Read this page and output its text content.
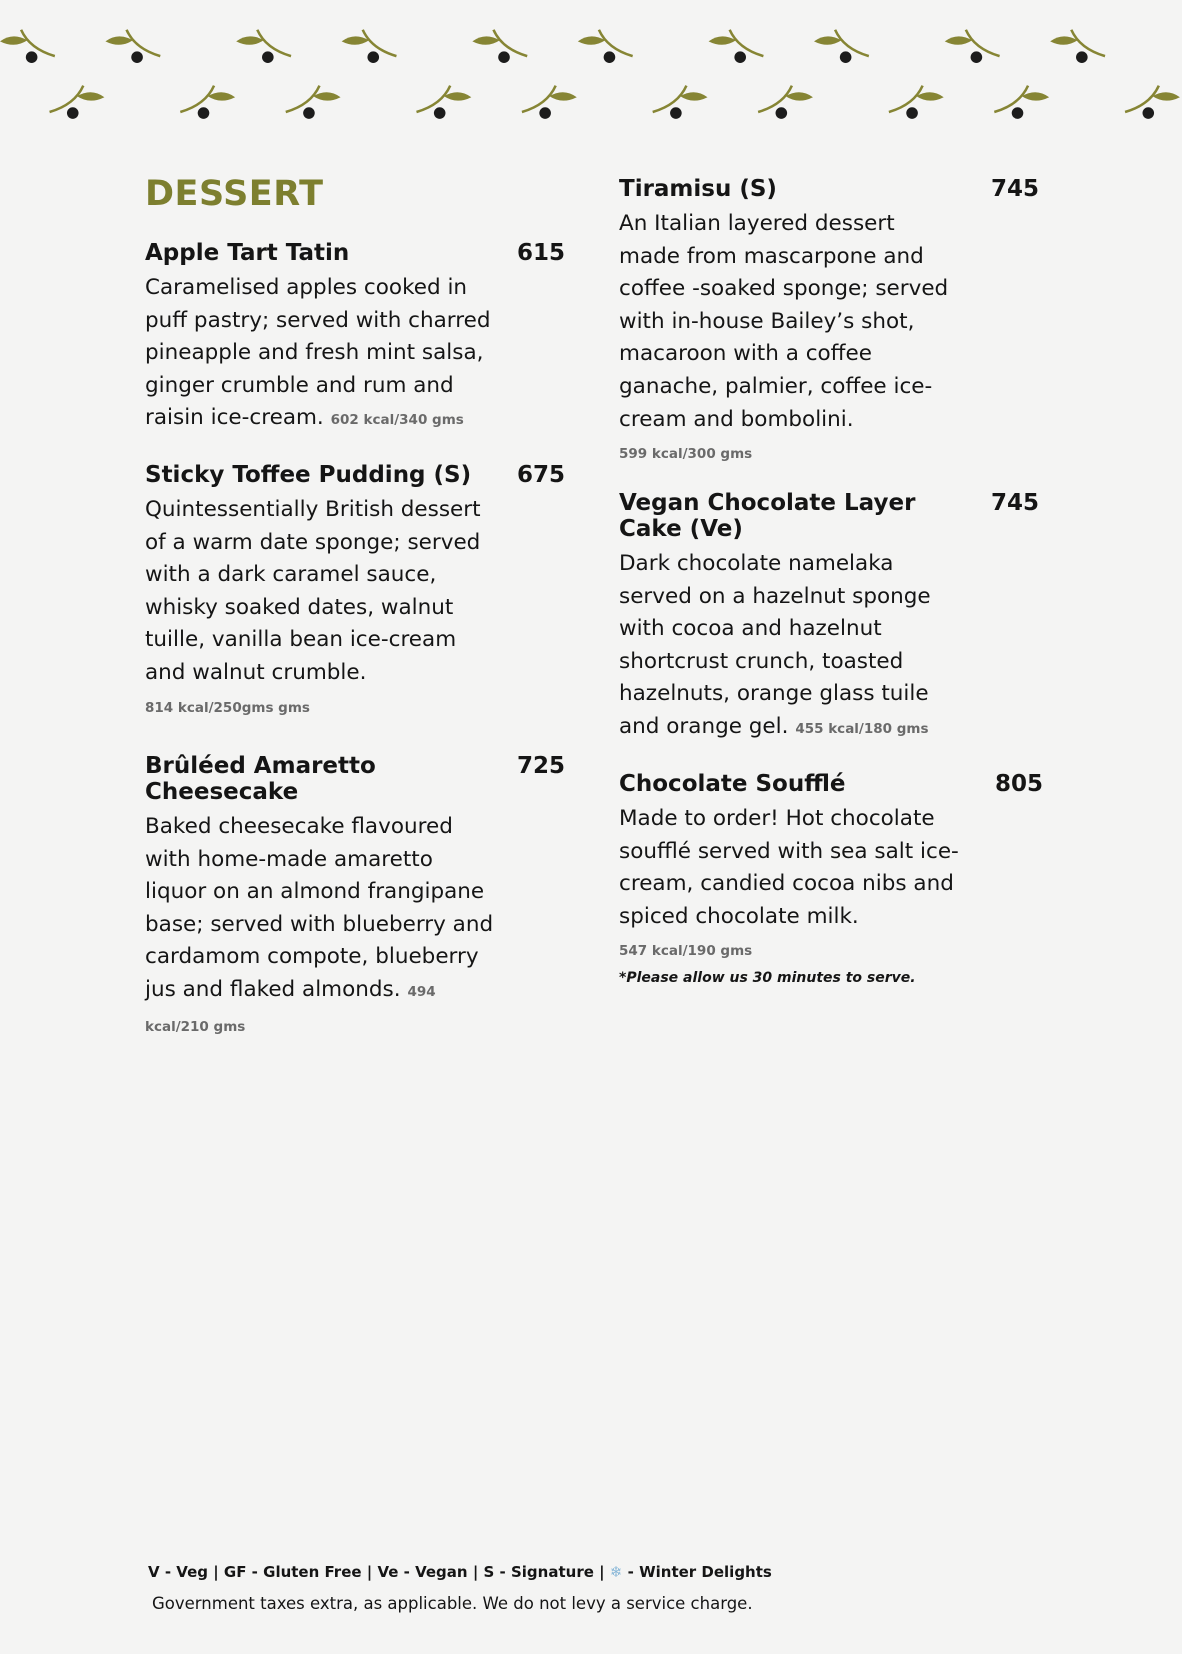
DESSERT
Apple Tart Tatin	615
Caramelised apples cooked in puff pastry; served with charred pineapple and fresh mint salsa, ginger crumble and rum and raisin ice-cream. 602 kcal/340 gms
Sticky Toffee Pudding (S)	675
Quintessentially British dessert of a warm date sponge; served with a dark caramel sauce, whisky soaked dates, walnut tuille, vanilla bean ice-cream and walnut crumble.
814 kcal/250gms gms
Brûléed Amaretto Cheesecake
725
Baked cheesecake flavoured with home-made amaretto liquor on an almond frangipane base; served with blueberry and cardamom compote, blueberry jus and flaked almonds. 494 kcal/210 gms
Tiramisu (S)	745
An Italian layered dessert made from mascarpone and coffee -soaked sponge; served with in-house Bailey’s shot, macaroon with a coffee ganache, palmier, coffee ice-cream and bombolini.
599 kcal/300 gms
Vegan Chocolate Layer Cake (Ve)
745
Dark chocolate namelaka served on a hazelnut sponge with cocoa and hazelnut shortcrust crunch, toasted hazelnuts, orange glass tuile and orange gel. 455 kcal/180 gms
Chocolate Soufflé	805
Made to order! Hot chocolate soufflé served with sea salt ice-cream, candied cocoa nibs and spiced chocolate milk.
547 kcal/190 gms
*Please allow us 30 minutes to serve.
V - Veg | GF - Gluten Free | Ve - Vegan | S - Signature | ❄ - Winter Delights
Government taxes extra, as applicable. We do not levy a service charge.
